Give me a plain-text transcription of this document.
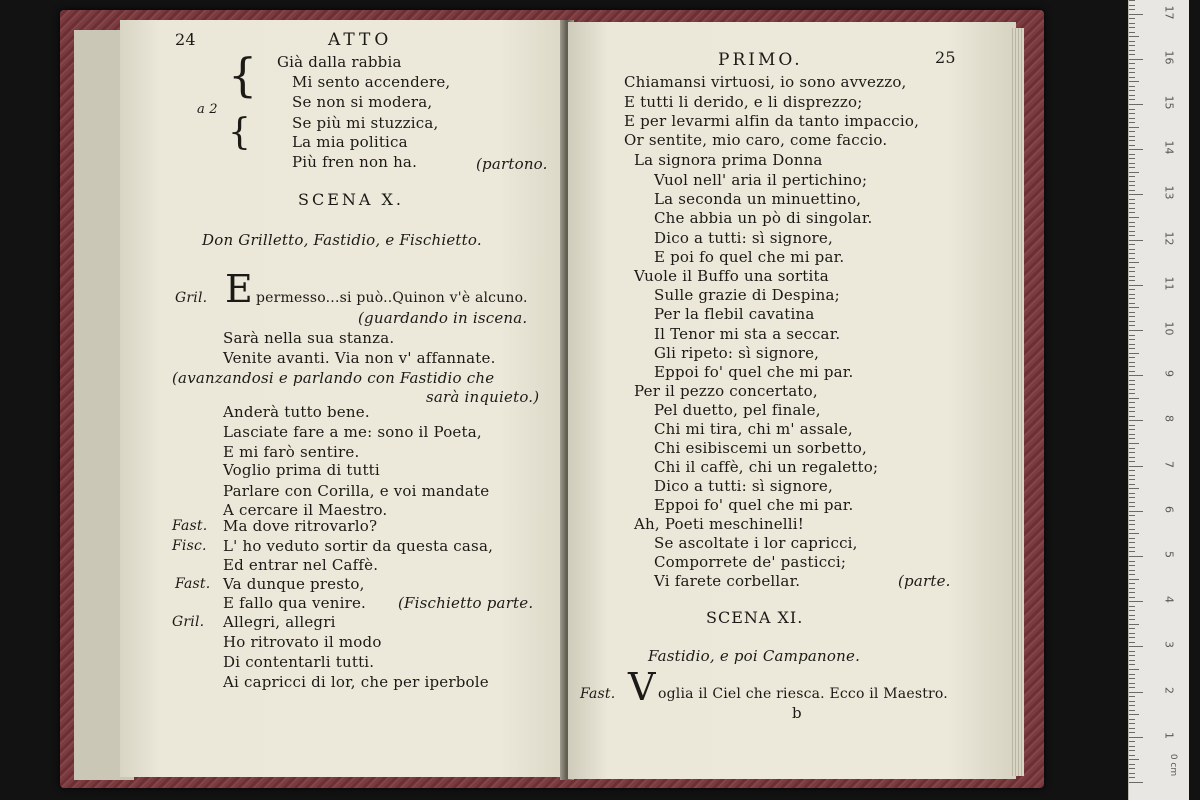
24	ATTO
{
{
a 2
Già dalla rabbia
Mi sento accendere,
Se non si modera,
Se più mi stuzzica,
La mia politica
Più fren non ha.	(partono.
SCENA X.
Don Grilletto, Fastidio, e Fischietto.
Gril. E permesso...si può..Quinon v'è alcuno.
(guardando in iscena.
Sarà nella sua stanza.
Venite avanti. Via non v' affannate.
(avanzandosi e parlando con Fastidio che
sarà inquieto.)
Anderà tutto bene.
Lasciate fare a me: sono il Poeta,
E mi farò sentire.
Voglio prima di tutti
Parlare con Corilla, e voi mandate
A cercare il Maestro.
Fast. Ma dove ritrovarlo?
Fisc. L' ho veduto sortir da questa casa,
Ed entrar nel Caffè.
Fast. Va dunque presto,
E fallo qua venire. (Fischietto parte.
Gril. Allegri, allegri
Ho ritrovato il modo
Di contentarli tutti.
Ai capricci di lor, che per iperbole
PRIMO.	25
Chiamansi virtuosi, io sono avvezzo,
E tutti li derido, e li disprezzo;
E per levarmi alfin da tanto impaccio,
Or sentite, mio caro, come faccio.
La signora prima Donna
Vuol nell' aria il pertichino;
La seconda un minuettino,
Che abbia un pò di singolar.
Dico a tutti: sì signore,
E poi fo quel che mi par.
Vuole il Buffo una sortita
Sulle grazie di Despina;
Per la flebil cavatina
Il Tenor mi sta a seccar.
Gli ripeto: sì signore,
Eppoi fo' quel che mi par.
Per il pezzo concertato,
Pel duetto, pel finale,
Chi mi tira, chi m' assale,
Chi esibiscemi un sorbetto,
Chi il caffè, chi un regaletto;
Dico a tutti: sì signore,
Eppoi fo' quel che mi par.
Ah, Poeti meschinelli!
Se ascoltate i lor capricci,
Comporrete de' pasticci;
Vi farete corbellar.	(parte.
SCENA XI.
Fastidio, e poi Campanone.
Fast. V oglia il Ciel che riesca. Ecco il Maestro.
b
1
2
3
4
5
6
7
8
9
10
11
12
13
14
15
16
17
0 cm
